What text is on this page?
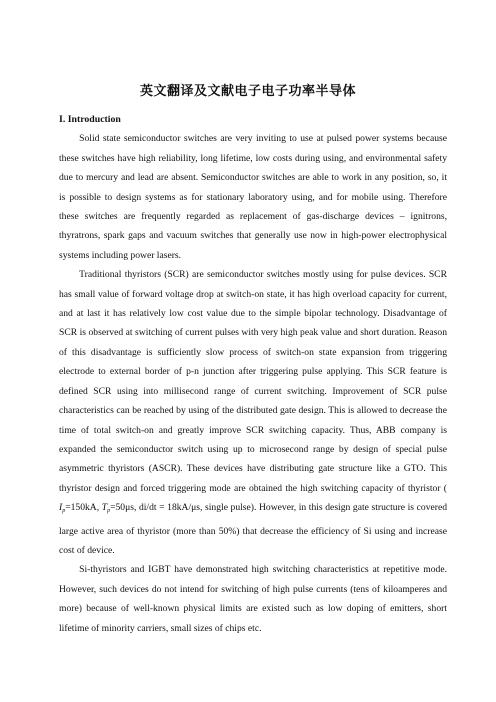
英文翻译及文献电子电子功率半导体

I. Introduction

Solid state semiconductor switches are very inviting to use at pulsed power systems because these switches have high reliability, long lifetime, low costs during using, and environmental safety due to mercury and lead are absent. Semiconductor switches are able to work in any position, so, it is possible to design systems as for stationary laboratory using, and for mobile using. Therefore these switches are frequently regarded as replacement of gas-discharge devices – ignitrons, thyratrons, spark gaps and vacuum switches that generally use now in high-power electrophysical systems including power lasers.

Traditional thyristors (SCR) are semiconductor switches mostly using for pulse devices. SCR has small value of forward voltage drop at switch-on state, it has high overload capacity for current, and at last it has relatively low cost value due to the simple bipolar technology. Disadvantage of SCR is observed at switching of current pulses with very high peak value and short duration. Reason of this disadvantage is sufficiently slow process of switch-on state expansion from triggering electrode to external border of p-n junction after triggering pulse applying. This SCR feature is defined SCR using into millisecond range of current switching. Improvement of SCR pulse characteristics can be reached by using of the distributed gate design. This is allowed to decrease the time of total switch-on and greatly improve SCR switching capacity. Thus, ABB company is expanded the semiconductor switch using up to microsecond range by design of special pulse asymmetric thyristors (ASCR). These devices have distributing gate structure like a GTO. This thyristor design and forced triggering mode are obtained the high switching capacity of thyristor ( $I_p=150kA$, $T_p=50\mu s$, di/dt = 18kA/μs, single pulse). However, in this design gate structure is covered large active area of thyristor (more than 50%) that decrease the efficiency of Si using and increase cost of device.

Si-thyristors and IGBT have demonstrated high switching characteristics at repetitive mode. However, such devices do not intend for switching of high pulse currents (tens of kiloamperes and more) because of well-known physical limits are existed such as low doping of emitters, short lifetime of minority carriers, small sizes of chips etc.
